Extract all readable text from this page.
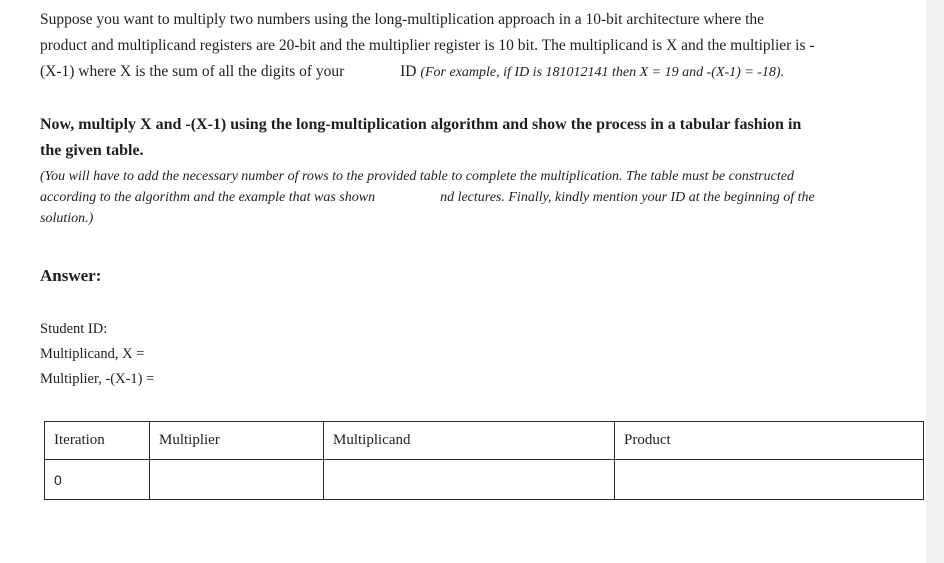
Suppose you want to multiply two numbers using the long-multiplication approach in a 10-bit architecture where the product and multiplicand registers are 20-bit and the multiplier register is 10 bit. The multiplicand is X and the multiplier is -(X-1) where X is the sum of all the digits of your	ID (For example, if ID is 181012141 then X = 19 and -(X-1) = -18).

Now, multiply X and -(X-1) using the long-multiplication algorithm and show the process in a tabular fashion in the given table.

(You will have to add the necessary number of rows to the provided table to complete the multiplication. The table must be constructed according to the algorithm and the example that was shown	nd lectures. Finally, kindly mention your ID at the beginning of the solution.)

Answer:

Student ID:

Multiplicand, X =

Multiplier, -(X-1) =

Iteration	Multiplier	Multiplicand	Product
0			
